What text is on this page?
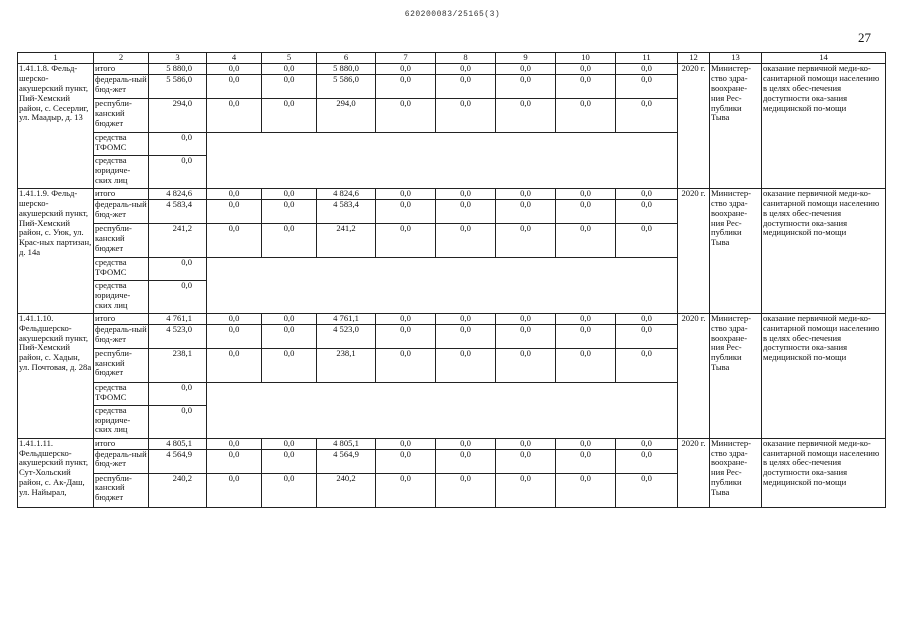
620200083/25165(3)
27
1	2	3	4	5	6	7	8	9	10	11	12	13	14
1.41.1.8. Фельд-шерско-акушерский пункт, Пий-Хемский район, с. Сесерлиг, ул. Маадыр, д. 13	итого	5 880,0	0,0	0,0	5 880,0	0,0	0,0	0,0	0,0	0,0	2020 г.	Министер-ство здра-воохране-ния Рес-публики Тыва	оказание первичной меди-ко-санитарной помощи населению в целях обес-печения доступности ока-зания медицинской по-мощи
	федераль-ный бюд-жет	5 586,0	0,0	0,0	5 586,0	0,0	0,0	0,0	0,0	0,0			
	республи-канский бюджет	294,0	0,0	0,0	294,0	0,0	0,0	0,0	0,0	0,0			
	средства ТФОМС	0,0											
	средства юридиче-ских лиц	0,0											
1.41.1.9. Фельд-шерско-акушерский пункт, Пий-Хемский район, с. Уюк, ул. Крас-ных партизан, д. 14а	итого	4 824,6	0,0	0,0	4 824,6	0,0	0,0	0,0	0,0	0,0	2020 г.	Министер-ство здра-воохране-ния Рес-публики Тыва	оказание первичной меди-ко-санитарной помощи населению в целях обес-печения доступности ока-зания медицинской по-мощи
	федераль-ный бюд-жет	4 583,4	0,0	0,0	4 583,4	0,0	0,0	0,0	0,0	0,0			
	республи-канский бюджет	241,2	0,0	0,0	241,2	0,0	0,0	0,0	0,0	0,0			
	средства ТФОМС	0,0											
	средства юридиче-ских лиц	0,0											
1.41.1.10. Фельдшерско-акушерский пункт, Пий-Хемский район, с. Хадын, ул. Почтовая, д. 28а	итого	4 761,1	0,0	0,0	4 761,1	0,0	0,0	0,0	0,0	0,0	2020 г.	Министер-ство здра-воохране-ния Рес-публики Тыва	оказание первичной меди-ко-санитарной помощи населению в целях обес-печения доступности ока-зания медицинской по-мощи
	федераль-ный бюд-жет	4 523,0	0,0	0,0	4 523,0	0,0	0,0	0,0	0,0	0,0			
	республи-канский бюджет	238,1	0,0	0,0	238,1	0,0	0,0	0,0	0,0	0,0			
	средства ТФОМС	0,0											
	средства юридиче-ских лиц	0,0											
1.41.1.11. Фельдшерско-акушерский пункт, Сут-Хольский район, с. Ак-Даш, ул. Найырал,	итого	4 805,1	0,0	0,0	4 805,1	0,0	0,0	0,0	0,0	0,0	2020 г.	Министер-ство здра-воохране-ния Рес-публики Тыва	оказание первичной меди-ко-санитарной помощи населению в целях обес-печения доступности ока-зания медицинской по-мощи
	федераль-ный бюд-жет	4 564,9	0,0	0,0	4 564,9	0,0	0,0	0,0	0,0	0,0			
	республи-канский бюджет	240,2	0,0	0,0	240,2	0,0	0,0	0,0	0,0	0,0			
